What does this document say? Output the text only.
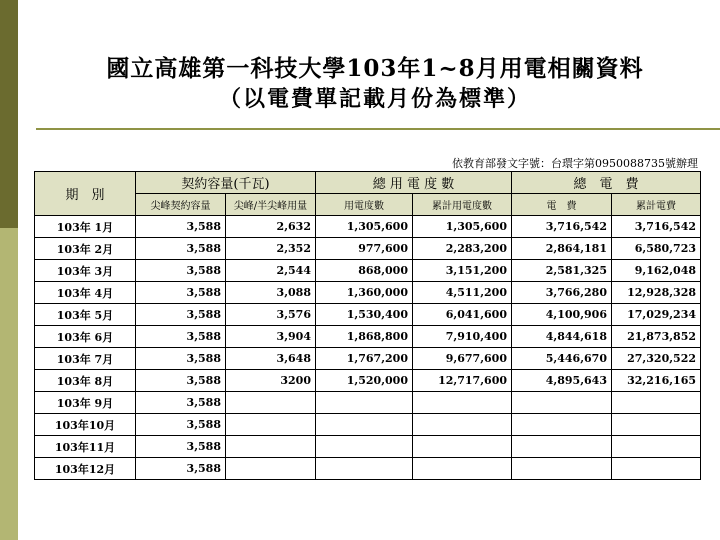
國立高雄第一科技大學103年1~8月用電相關資料
（以電費單記載月份為標準）
依教育部發文字號：台環字第0950088735號辦理
期　別	契約容量(千瓦)		總 用 電 度 數		總　電　費	
	尖峰契約容量	尖峰/半尖峰用量	用電度數	累計用電度數	電　費	累計電費
103年 1月	3,588	2,632	1,305,600	1,305,600	3,716,542	3,716,542
103年 2月	3,588	2,352	977,600	2,283,200	2,864,181	6,580,723
103年 3月	3,588	2,544	868,000	3,151,200	2,581,325	9,162,048
103年 4月	3,588	3,088	1,360,000	4,511,200	3,766,280	12,928,328
103年 5月	3,588	3,576	1,530,400	6,041,600	4,100,906	17,029,234
103年 6月	3,588	3,904	1,868,800	7,910,400	4,844,618	21,873,852
103年 7月	3,588	3,648	1,767,200	9,677,600	5,446,670	27,320,522
103年 8月	3,588	3200	1,520,000	12,717,600	4,895,643	32,216,165
103年 9月	3,588					
103年10月	3,588					
103年11月	3,588					
103年12月	3,588					
